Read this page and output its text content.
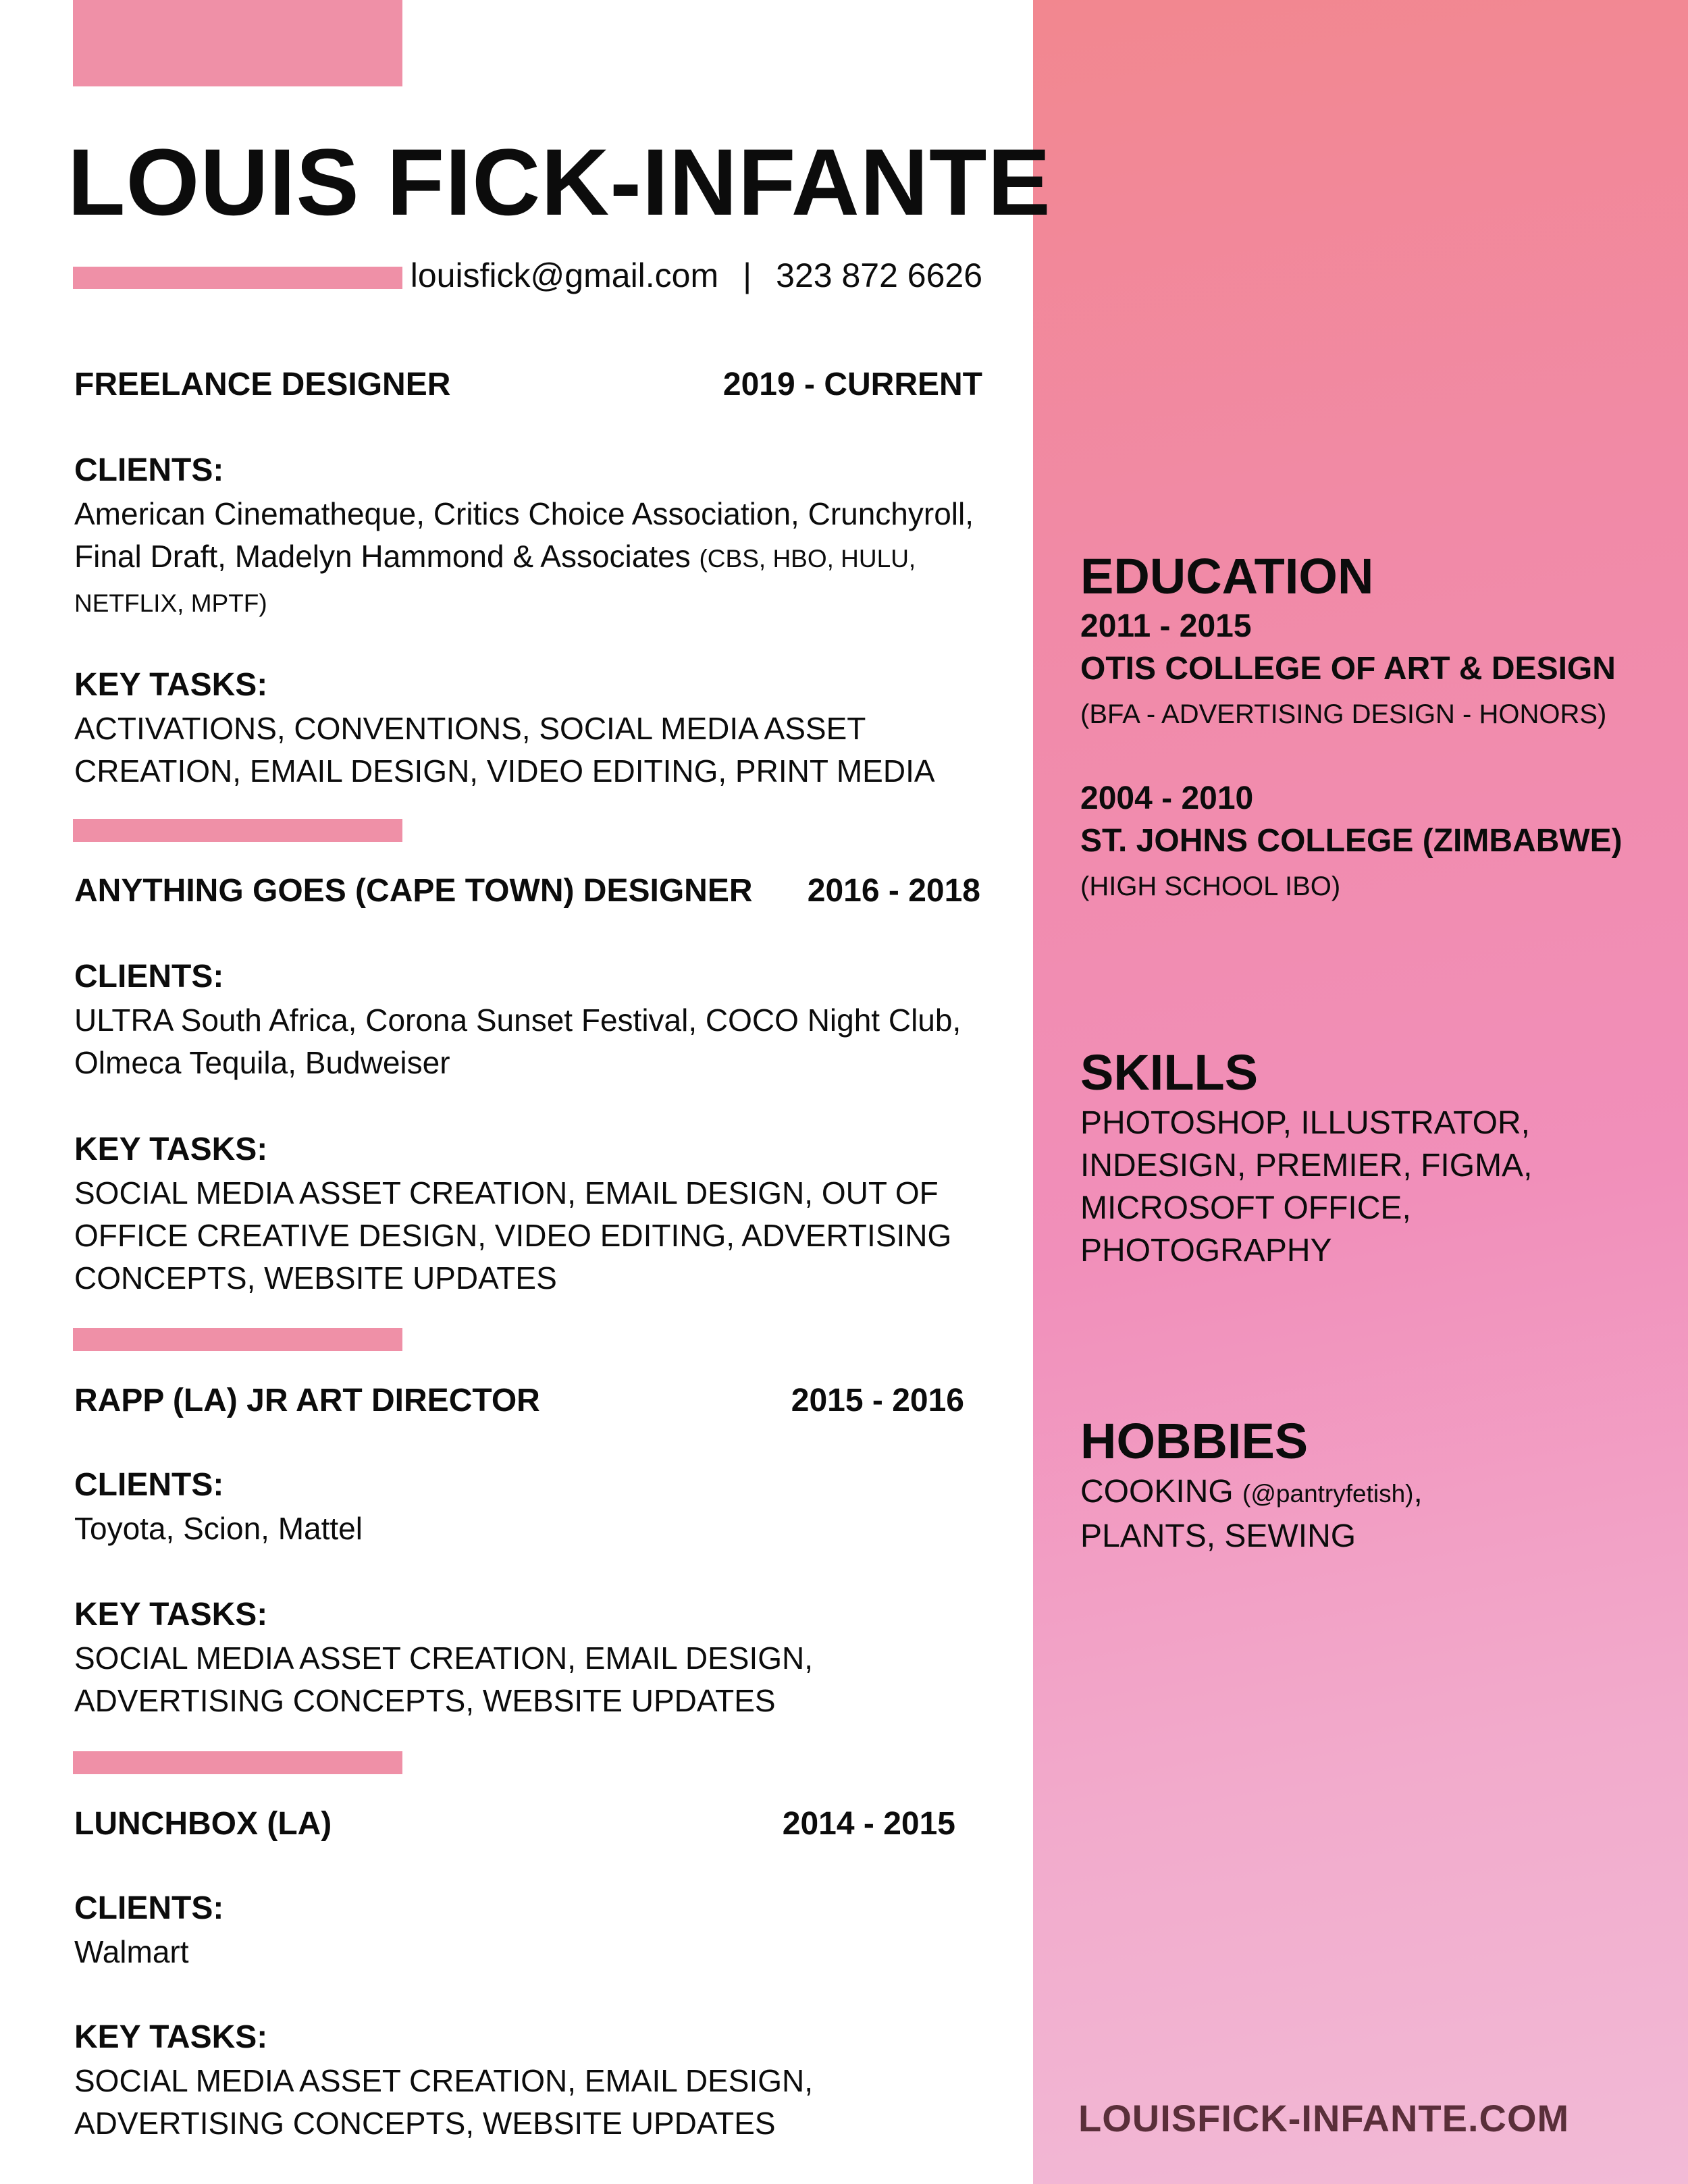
LOUIS FICK-INFANTE
louisfick@gmail.com | 323 872 6626
FREELANCE DESIGNER	2019 - CURRENT
CLIENTS:
American Cinematheque, Critics Choice Association, Crunchyroll,
Final Draft, Madelyn Hammond & Associates (CBS, HBO, HULU,
NETFLIX, MPTF)
KEY TASKS:
ACTIVATIONS, CONVENTIONS, SOCIAL MEDIA ASSET
CREATION, EMAIL DESIGN, VIDEO EDITING, PRINT MEDIA
ANYTHING GOES (CAPE TOWN) DESIGNER 2016 - 2018
CLIENTS:
ULTRA South Africa, Corona Sunset Festival, COCO Night Club,
Olmeca Tequila, Budweiser
KEY TASKS:
SOCIAL MEDIA ASSET CREATION, EMAIL DESIGN, OUT OF
OFFICE CREATIVE DESIGN, VIDEO EDITING, ADVERTISING
CONCEPTS, WEBSITE UPDATES
RAPP (LA) JR ART DIRECTOR	2015 - 2016
CLIENTS:
Toyota, Scion, Mattel
KEY TASKS:
SOCIAL MEDIA ASSET CREATION, EMAIL DESIGN,
ADVERTISING CONCEPTS, WEBSITE UPDATES
LUNCHBOX (LA)	2014 - 2015
CLIENTS:
Walmart
KEY TASKS:
SOCIAL MEDIA ASSET CREATION, EMAIL DESIGN,
ADVERTISING CONCEPTS, WEBSITE UPDATES
EDUCATION
2011 - 2015
OTIS COLLEGE OF ART & DESIGN
(BFA - ADVERTISING DESIGN - HONORS)
2004 - 2010
ST. JOHNS COLLEGE (ZIMBABWE)
(HIGH SCHOOL IBO)
SKILLS
PHOTOSHOP, ILLUSTRATOR,
INDESIGN, PREMIER, FIGMA,
MICROSOFT OFFICE,
PHOTOGRAPHY
HOBBIES
COOKING (@pantryfetish),
PLANTS, SEWING
LOUISFICK-INFANTE.COM
